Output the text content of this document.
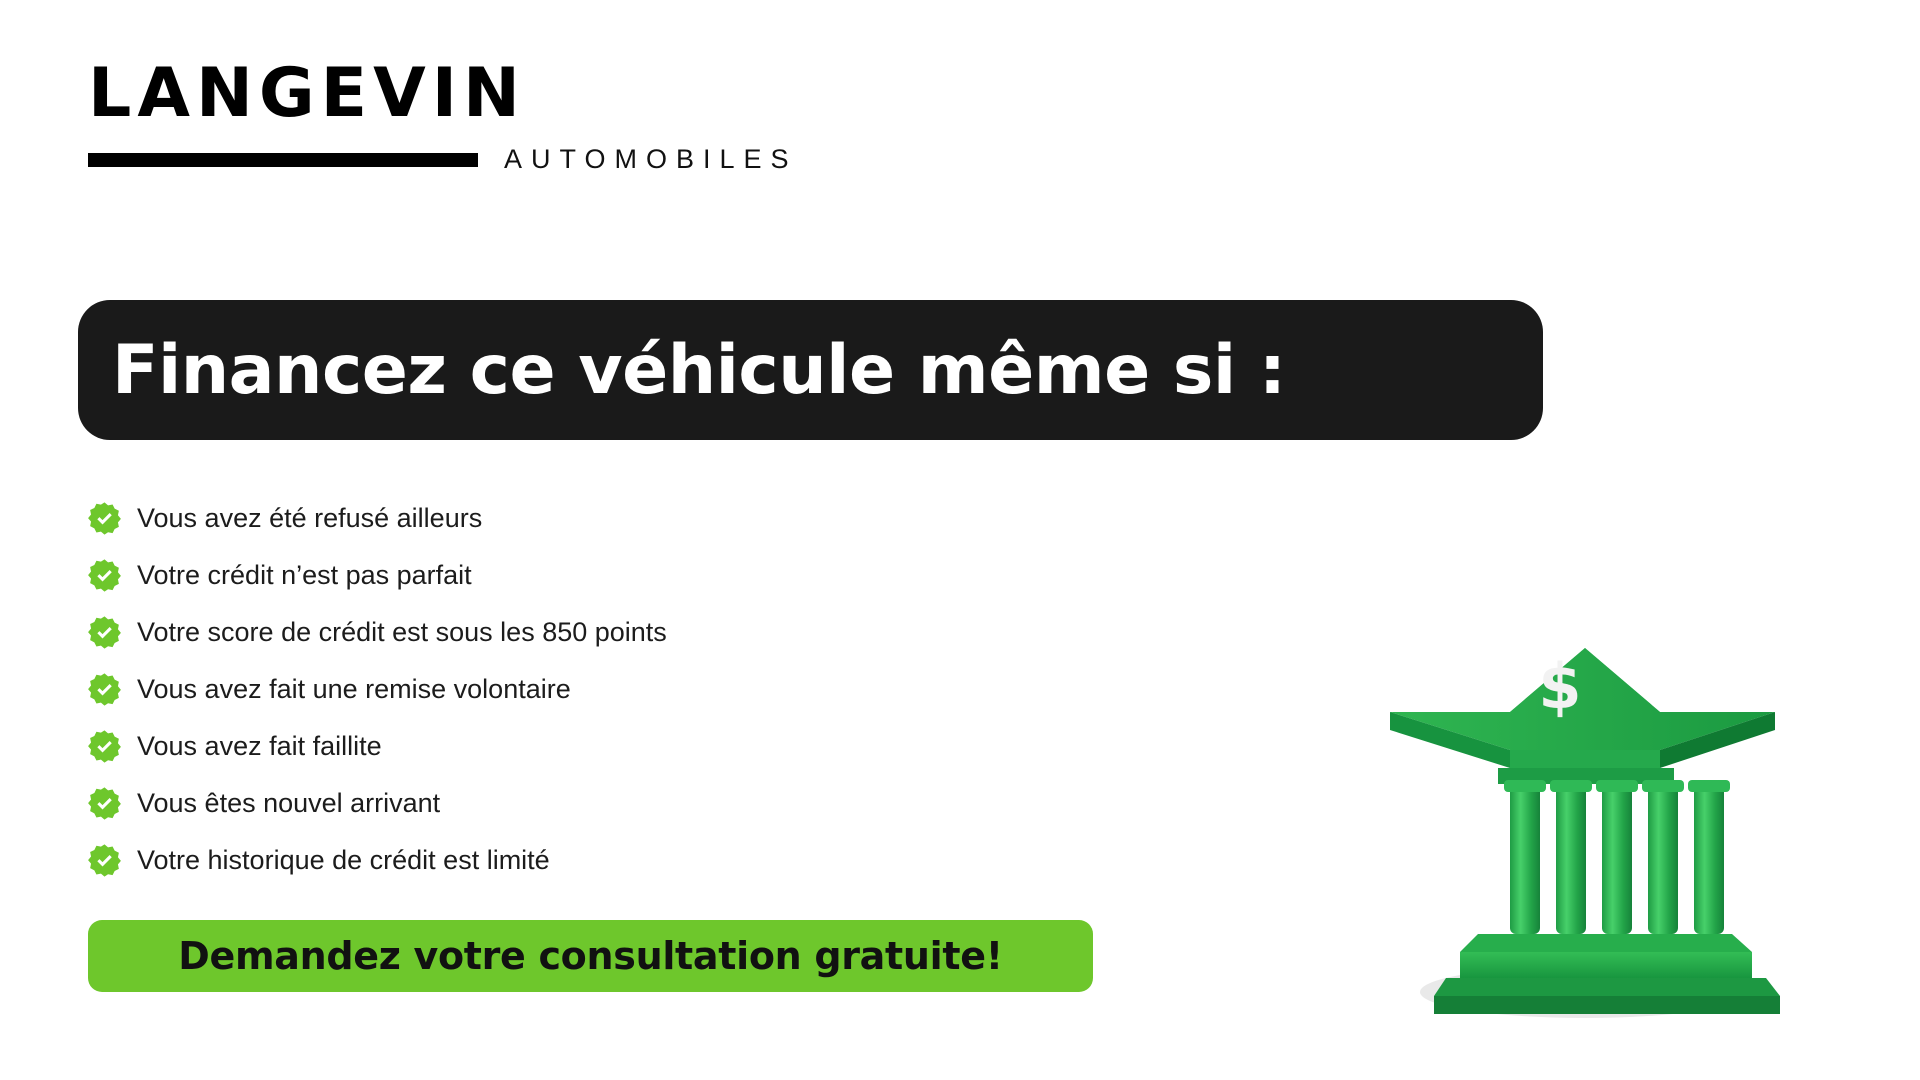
LANGEVIN
AUTOMOBILES
Financez ce véhicule même si :
Vous avez été refusé ailleurs
Votre crédit n’est pas parfait
Votre score de crédit est sous les 850 points
Vous avez fait une remise volontaire
Vous avez fait faillite
Vous êtes nouvel arrivant
Votre historique de crédit est limité
Demandez votre consultation gratuite!
$
